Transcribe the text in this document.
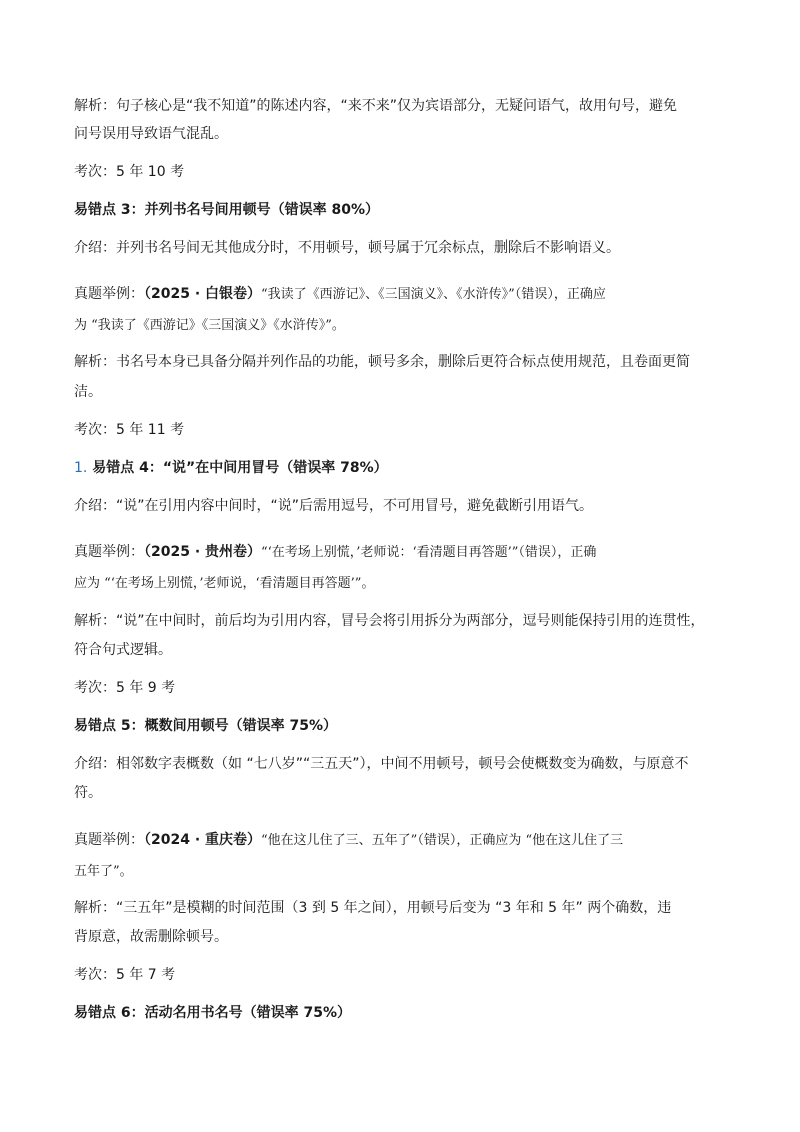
解析：句子核心是“我不知道”的陈述内容，“来不来”仅为宾语部分，无疑问语气，故用句号，避免
问号误用导致语气混乱。
考次：5 年 10 考
易错点 3：并列书名号间用顿号（错误率 80%）
介绍：并列书名号间无其他成分时，不用顿号，顿号属于冗余标点，删除后不影响语义。
真题举例：（2025 · 白银卷）“我读了《西游记》、《三国演义》、《水浒传》”（错误），正确应
为 “我读了《西游记》《三国演义》《水浒传》”。
解析：书名号本身已具备分隔并列作品的功能，顿号多余，删除后更符合标点使用规范，且卷面更简
洁。
考次：5 年 11 考
1. 易错点 4：“说”在中间用冒号（错误率 78%）
介绍：“说”在引用内容中间时，“说”后需用逗号，不可用冒号，避免截断引用语气。
真题举例：（2025 · 贵州卷）“‘在考场上别慌，’老师说：‘看清题目再答题’”（错误），正确
应为 “‘在考场上别慌，’老师说，‘看清题目再答题’”。
解析：“说”在中间时，前后均为引用内容，冒号会将引用拆分为两部分，逗号则能保持引用的连贯性，
符合句式逻辑。
考次：5 年 9 考
易错点 5：概数间用顿号（错误率 75%）
介绍：相邻数字表概数（如 “七八岁”“三五天”），中间不用顿号，顿号会使概数变为确数，与原意不
符。
真题举例：（2024 · 重庆卷）“他在这儿住了三、五年了”（错误），正确应为 “他在这儿住了三
五年了”。
解析：“三五年”是模糊的时间范围（3 到 5 年之间），用顿号后变为 “3 年和 5 年” 两个确数，违
背原意，故需删除顿号。
考次：5 年 7 考
易错点 6：活动名用书名号（错误率 75%）
